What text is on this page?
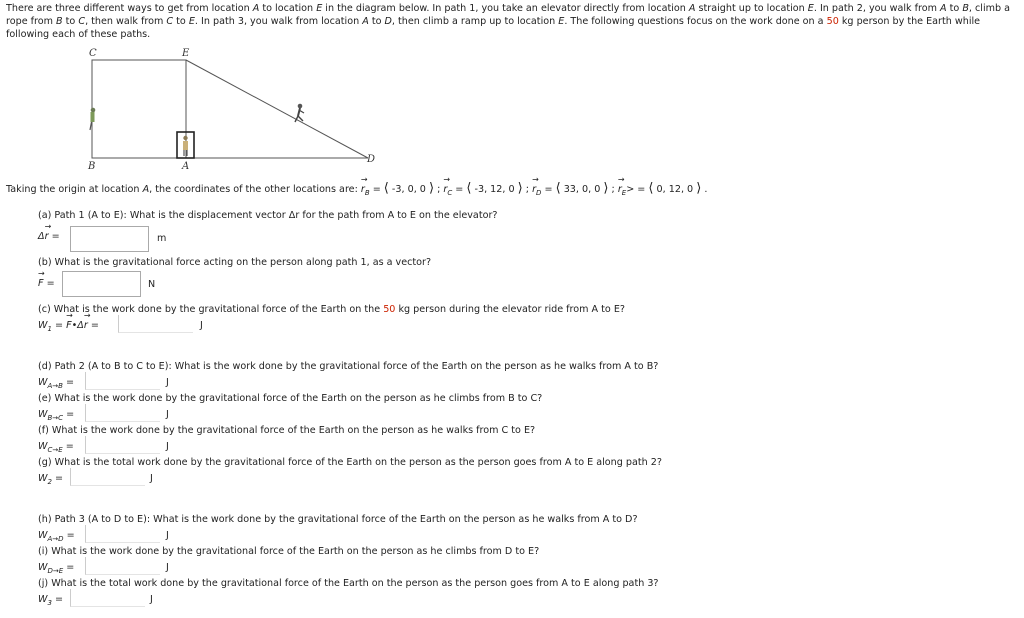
There are three different ways to get from location A to location E in the diagram below. In path 1, you take an elevator directly from location A straight up to location E. In path 2, you walk from A to B, climb a rope from B to C, then walk from C to E. In path 3, you walk from location A to D, then climb a ramp up to location E. The following questions focus on the work done on a 50 kg person by the Earth while following each of these paths.
C	E
B	A
D
Taking the origin at location A, the coordinates of the other locations are: → $r_B$ = ⟨ -3, 0, 0 ⟩ ; → $r_C$ = ⟨ -3, 12, 0 ⟩ ; → $r_D$ = ⟨ 33, 0, 0 ⟩ ; → $r_E>$ = ⟨ 0, 12, 0 ⟩ .
(a) Path 1 (A to E): What is the displacement vector Δr for the path from A to E on the elevator?
Δ→ r =	m
(b) What is the gravitational force acting on the person along path 1, as a vector?
→ F =	N
(c) What is the work done by the gravitational force of the Earth on the 50 kg person during the elevator ride from A to E?
$W_1$ = → F•Δ→ r =	J
(d) Path 2 (A to B to C to E): What is the work done by the gravitational force of the Earth on the person as he walks from A to B?
$W_{A\to B}$ =	J
(e) What is the work done by the gravitational force of the Earth on the person as he climbs from B to C?
$W_{B\to C}$ =	J
(f) What is the work done by the gravitational force of the Earth on the person as he walks from C to E?
$W_{C\to E}$ =	J
(g) What is the total work done by the gravitational force of the Earth on the person as the person goes from A to E along path 2?
$W_2$ =	J
(h) Path 3 (A to D to E): What is the work done by the gravitational force of the Earth on the person as he walks from A to D?
$W_{A\to D}$ =	J
(i) What is the work done by the gravitational force of the Earth on the person as he climbs from D to E?
$W_{D\to E}$ =	J
(j) What is the total work done by the gravitational force of the Earth on the person as the person goes from A to E along path 3?
$W_3$ =	J
